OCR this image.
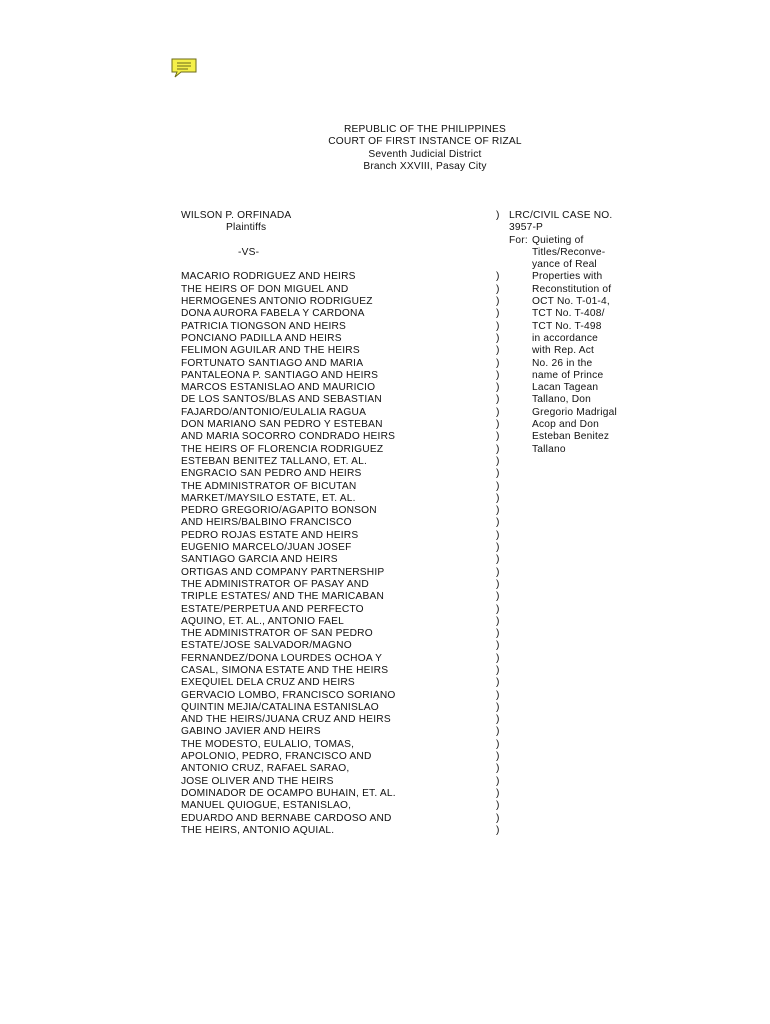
REPUBLIC OF THE PHILIPPINES
COURT OF FIRST INSTANCE OF RIZAL
Seventh Judicial District
Branch XXVIII, Pasay City
WILSON P. ORFINADA
Plaintiffs
-VS-
MACARIO RODRIGUEZ AND HEIRS
THE HEIRS OF DON MIGUEL AND
HERMOGENES ANTONIO RODRIGUEZ
DONA AURORA FABELA Y CARDONA
PATRICIA TIONGSON AND HEIRS
PONCIANO PADILLA AND HEIRS
FELIMON AGUILAR AND THE HEIRS
FORTUNATO SANTIAGO AND MARIA
PANTALEONA P. SANTIAGO AND HEIRS
MARCOS ESTANISLAO AND MAURICIO
DE LOS SANTOS/BLAS AND SEBASTIAN
FAJARDO/ANTONIO/EULALIA RAGUA
DON MARIANO SAN PEDRO Y ESTEBAN
AND MARIA SOCORRO CONDRADO HEIRS
THE HEIRS OF FLORENCIA RODRIGUEZ
ESTEBAN BENITEZ TALLANO, ET. AL.
ENGRACIO SAN PEDRO AND HEIRS
THE ADMINISTRATOR OF BICUTAN
MARKET/MAYSILO ESTATE, ET. AL.
PEDRO GREGORIO/AGAPITO BONSON
AND HEIRS/BALBINO FRANCISCO
PEDRO ROJAS ESTATE AND HEIRS
EUGENIO MARCELO/JUAN JOSEF
SANTIAGO GARCIA AND HEIRS
ORTIGAS AND COMPANY PARTNERSHIP
THE ADMINISTRATOR OF PASAY AND
TRIPLE ESTATES/ AND THE MARICABAN
ESTATE/PERPETUA AND PERFECTO
AQUINO, ET. AL., ANTONIO FAEL
THE ADMINISTRATOR OF SAN PEDRO
ESTATE/JOSE SALVADOR/MAGNO
FERNANDEZ/DONA LOURDES OCHOA Y
CASAL, SIMONA ESTATE AND THE HEIRS
EXEQUIEL DELA CRUZ AND HEIRS
GERVACIO LOMBO, FRANCISCO SORIANO
QUINTIN MEJIA/CATALINA ESTANISLAO
AND THE HEIRS/JUANA CRUZ AND HEIRS
GABINO JAVIER AND HEIRS
THE MODESTO, EULALIO, TOMAS,
APOLONIO, PEDRO, FRANCISCO AND
ANTONIO CRUZ, RAFAEL SARAO,
JOSE OLIVER AND THE HEIRS
DOMINADOR DE OCAMPO BUHAIN, ET. AL.
MANUEL QUIOGUE, ESTANISLAO,
EDUARDO AND BERNABE CARDOSO AND
THE HEIRS, ANTONIO AQUIAL.
)
)
)
)
)
)
)
)
)
)
)
)
)
)
)
)
)
)
)
)
)
)
)
)
)
)
)
)
)
)
)
)
)
)
)
)
)
)
)
)
)
)
)
)
)
)
)
LRC/CIVIL CASE NO.
3957-P
For: Quieting of
Titles/Reconve-
yance of Real
Properties with
Reconstitution of
OCT No. T-01-4,
TCT No. T-408/
TCT No. T-498
in accordance
with Rep. Act
No. 26 in the
name of Prince
Lacan Tagean
Tallano, Don
Gregorio Madrigal
Acop and Don
Esteban Benitez
Tallano
